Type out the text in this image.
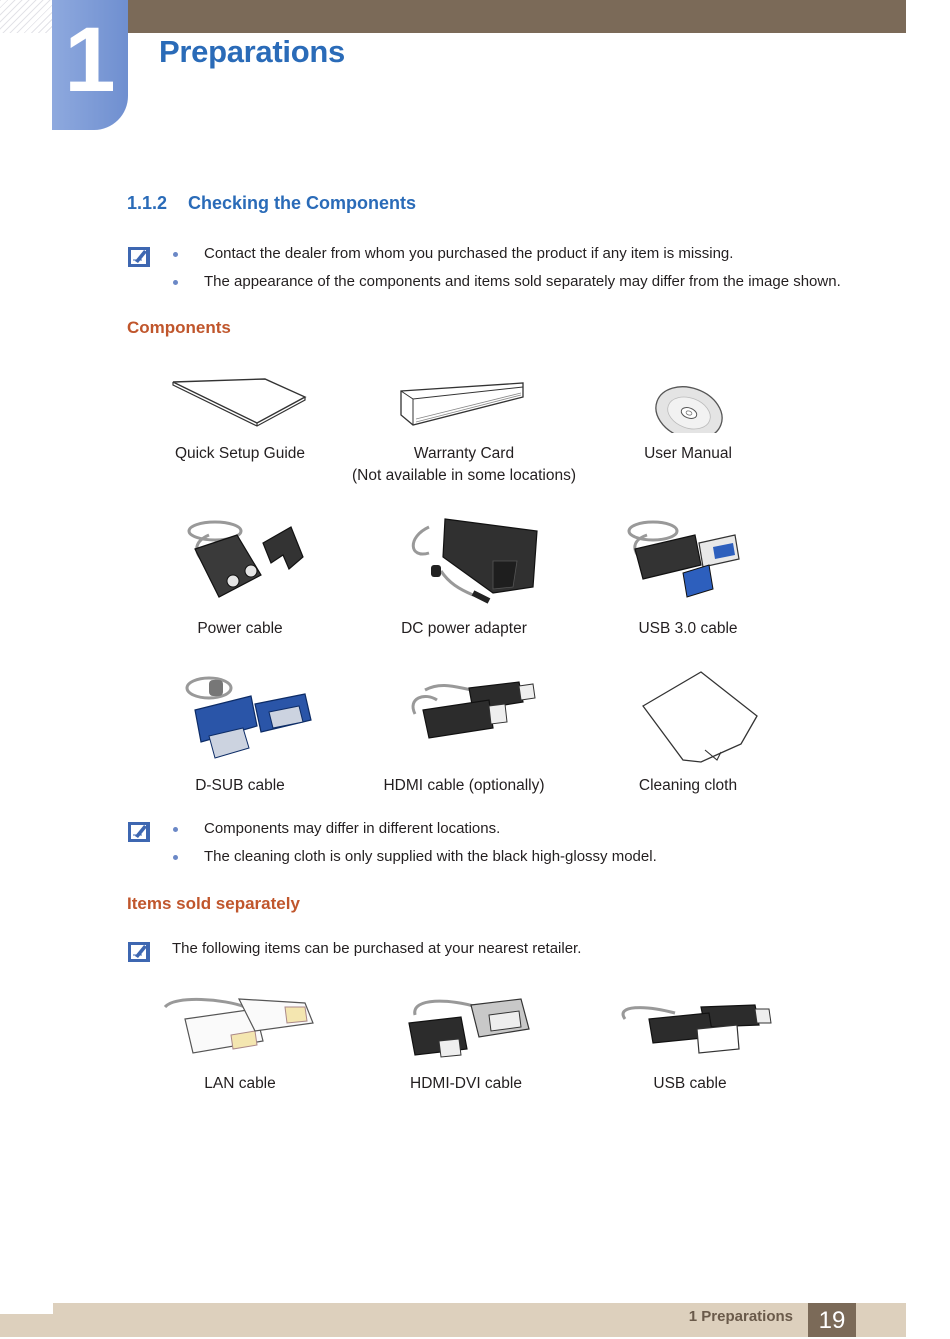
1	Preparations
1.1.2 Checking the Components
Contact the dealer from whom you purchased the product if any item is missing.
The appearance of the components and items sold separately may differ from the image shown.
Components
Quick Setup Guide	Warranty Card
(Not available in some locations)
User Manual
Power cable	DC power adapter	USB 3.0 cable
D-SUB cable	HDMI cable (optionally)	Cleaning cloth
Components may differ in different locations.
The cleaning cloth is only supplied with the black high-glossy model.
Items sold separately
The following items can be purchased at your nearest retailer.
LAN cable	HDMI-DVI cable	USB cable
1 Preparations	19
